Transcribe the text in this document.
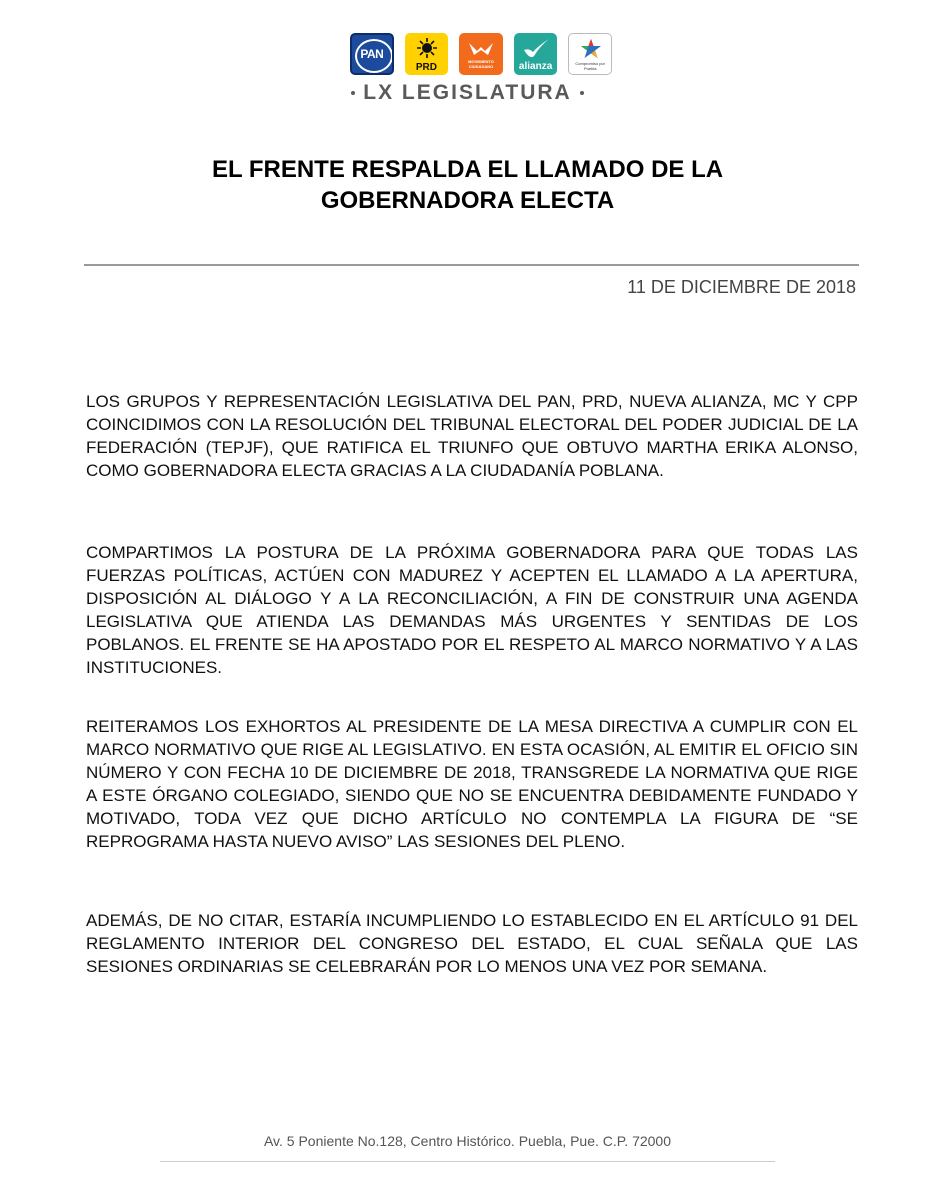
PAN
PRD
MOVIMIENTO CIUDADANO	alianza	Compromiso por Puebla
LX LEGISLATURA
EL FRENTE RESPALDA EL LLAMADO DE LA
GOBERNADORA ELECTA
11 DE DICIEMBRE DE 2018

LOS GRUPOS Y REPRESENTACIÓN LEGISLATIVA DEL PAN, PRD, NUEVA ALIANZA, MC Y CPP COINCIDIMOS CON LA RESOLUCIÓN DEL TRIBUNAL ELECTORAL DEL PODER JUDICIAL DE LA FEDERACIÓN (TEPJF), QUE RATIFICA EL TRIUNFO QUE OBTUVO MARTHA ERIKA ALONSO, COMO GOBERNADORA ELECTA GRACIAS A LA CIUDADANÍA POBLANA.

COMPARTIMOS LA POSTURA DE LA PRÓXIMA GOBERNADORA PARA QUE TODAS LAS FUERZAS POLÍTICAS, ACTÚEN CON MADUREZ Y ACEPTEN EL LLAMADO A LA APERTURA, DISPOSICIÓN AL DIÁLOGO Y A LA RECONCILIACIÓN, A FIN DE CONSTRUIR UNA AGENDA LEGISLATIVA QUE ATIENDA LAS DEMANDAS MÁS URGENTES Y SENTIDAS DE LOS POBLANOS. EL FRENTE SE HA APOSTADO POR EL RESPETO AL MARCO NORMATIVO Y A LAS INSTITUCIONES.

REITERAMOS LOS EXHORTOS AL PRESIDENTE DE LA MESA DIRECTIVA A CUMPLIR CON EL MARCO NORMATIVO QUE RIGE AL LEGISLATIVO. EN ESTA OCASIÓN, AL EMITIR EL OFICIO SIN NÚMERO Y CON FECHA 10 DE DICIEMBRE DE 2018, TRANSGREDE LA NORMATIVA QUE RIGE A ESTE ÓRGANO COLEGIADO, SIENDO QUE NO SE ENCUENTRA DEBIDAMENTE FUNDADO Y MOTIVADO, TODA VEZ QUE DICHO ARTÍCULO NO CONTEMPLA LA FIGURA DE “SE REPROGRAMA HASTA NUEVO AVISO” LAS SESIONES DEL PLENO.

ADEMÁS, DE NO CITAR, ESTARÍA INCUMPLIENDO LO ESTABLECIDO EN EL ARTÍCULO 91 DEL REGLAMENTO INTERIOR DEL CONGRESO DEL ESTADO, EL CUAL SEÑALA QUE LAS SESIONES ORDINARIAS SE CELEBRARÁN POR LO MENOS UNA VEZ POR SEMANA.

Av. 5 Poniente No.128, Centro Histórico. Puebla, Pue. C.P. 72000
